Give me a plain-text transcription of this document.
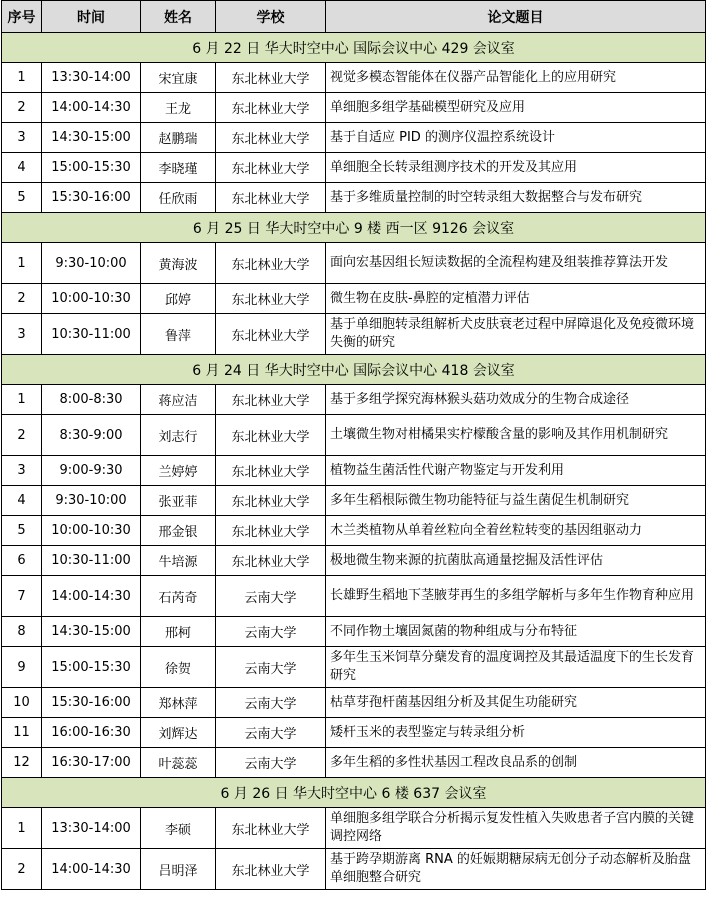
序号	时间	姓名	学校	论文题目
6 月 22 日 华大时空中心 国际会议中心 429 会议室				
1	13:30-14:00	宋宜康	东北林业大学	视觉多模态智能体在仪器产品智能化上的应用研究
2	14:00-14:30	王龙	东北林业大学	单细胞多组学基础模型研究及应用
3	14:30-15:00	赵鹏瑞	东北林业大学	基于自适应 PID 的测序仪温控系统设计
4	15:00-15:30	李晓瑾	东北林业大学	单细胞全长转录组测序技术的开发及其应用
5	15:30-16:00	任欣雨	东北林业大学	基于多维质量控制的时空转录组大数据整合与发布研究
6 月 25 日 华大时空中心 9 楼 西一区 9126 会议室				
1	9:30-10:00	黄海波	东北林业大学	面向宏基因组长短读数据的全流程构建及组装推荐算法开发
2	10:00-10:30	邱婷	东北林业大学	微生物在皮肤-鼻腔的定植潜力评估
3	10:30-11:00	鲁萍	东北林业大学	基于单细胞转录组解析犬皮肤衰老过程中屏障退化及免疫微环境失衡的研究
6 月 24 日 华大时空中心 国际会议中心 418 会议室				
1	8:00-8:30	蒋应洁	东北林业大学	基于多组学探究海林猴头菇功效成分的生物合成途径
2	8:30-9:00	刘志行	东北林业大学	土壤微生物对柑橘果实柠檬酸含量的影响及其作用机制研究
3	9:00-9:30	兰婷婷	东北林业大学	植物益生菌活性代谢产物鉴定与开发利用
4	9:30-10:00	张亚菲	东北林业大学	多年生稻根际微生物功能特征与益生菌促生机制研究
5	10:00-10:30	邢金银	东北林业大学	木兰类植物从单着丝粒向全着丝粒转变的基因组驱动力
6	10:30-11:00	牛培源	东北林业大学	极地微生物来源的抗菌肽高通量挖掘及活性评估
7	14:00-14:30	石芮奇	云南大学	长雄野生稻地下茎腋芽再生的多组学解析与多年生作物育种应用
8	14:30-15:00	邢柯	云南大学	不同作物土壤固氮菌的物种组成与分布特征
9	15:00-15:30	徐贺	云南大学	多年生玉米饲草分蘖发育的温度调控及其最适温度下的生长发育研究
10	15:30-16:00	郑林萍	云南大学	枯草芽孢杆菌基因组分析及其促生功能研究
11	16:00-16:30	刘辉达	云南大学	矮杆玉米的表型鉴定与转录组分析
12	16:30-17:00	叶蕊蕊	云南大学	多年生稻的多性状基因工程改良品系的创制
6 月 26 日 华大时空中心 6 楼 637 会议室				
1	13:30-14:00	李硕	东北林业大学	单细胞多组学联合分析揭示复发性植入失败患者子宫内膜的关键调控网络
2	14:00-14:30	吕明泽	东北林业大学	基于跨孕期游离 RNA 的妊娠期糖尿病无创分子动态解析及胎盘单细胞整合研究
